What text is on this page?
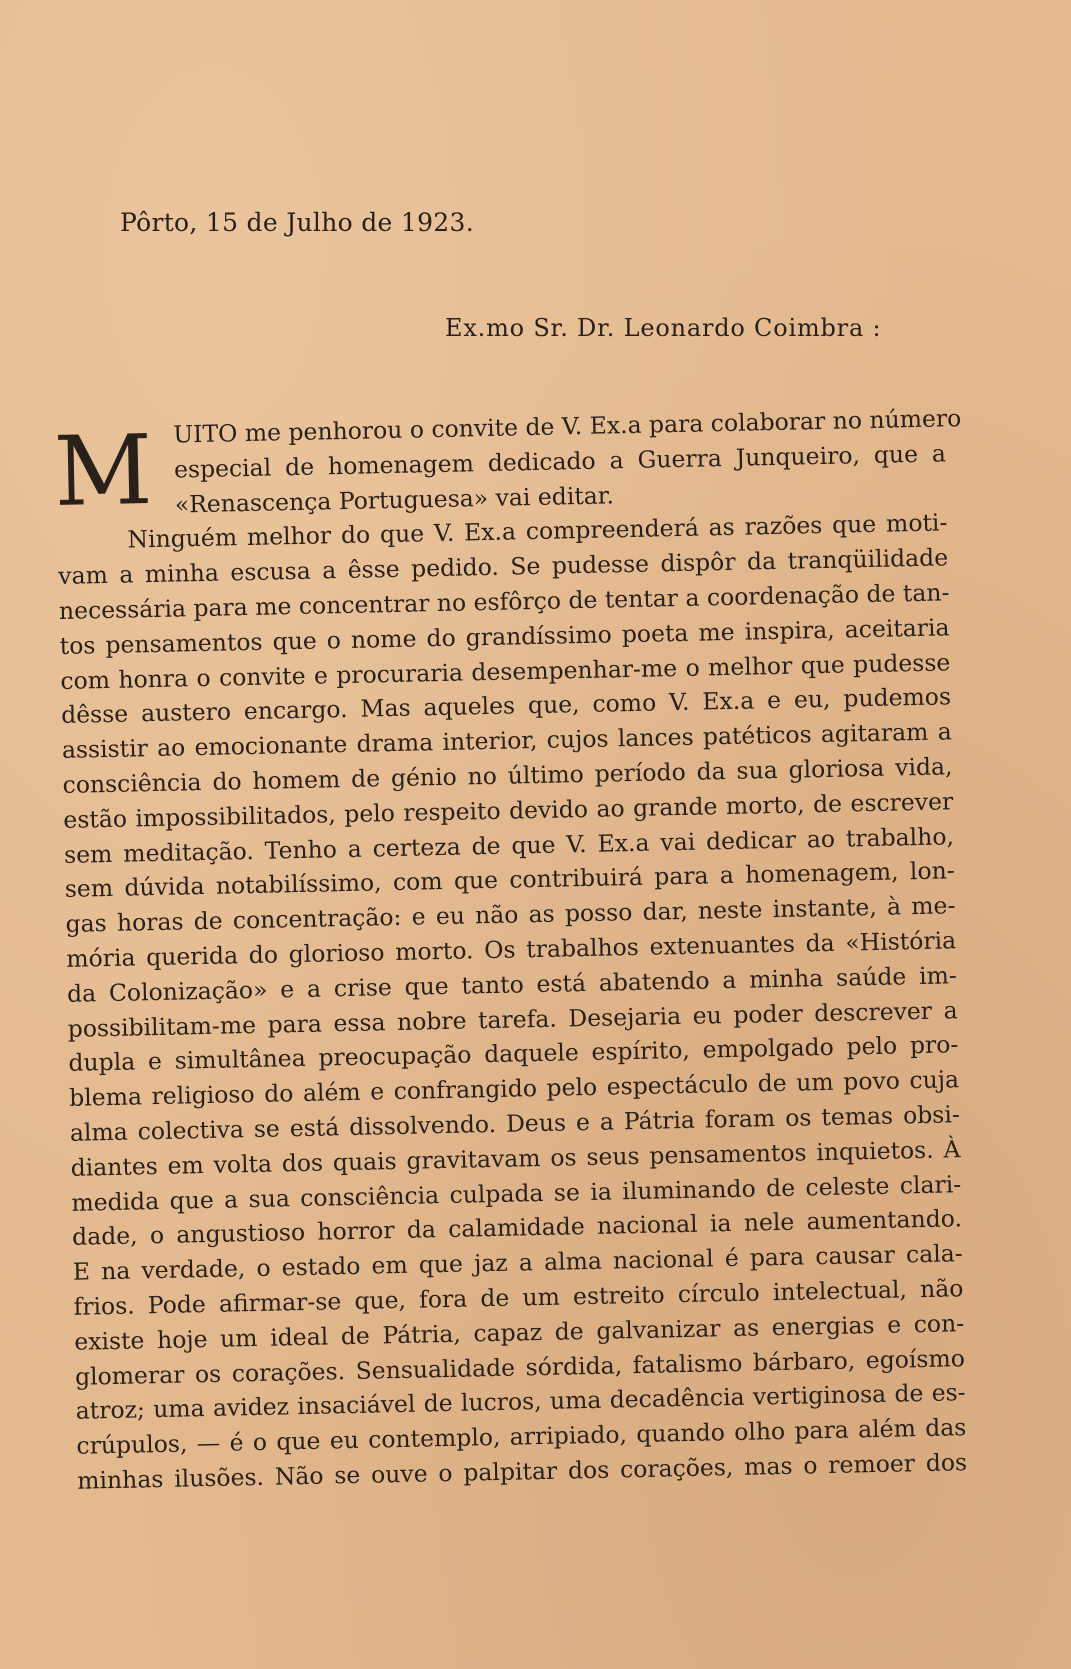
Pôrto, 15 de Julho de 1923.
Ex.mo Sr. Dr. Leonardo Coimbra :
M UITO me penhorou o convite de V. Ex.a para colaborar no número
especial de homenagem dedicado a Guerra Junqueiro, que a
«Renascença Portuguesa» vai editar.
Ninguém melhor do que V. Ex.a compreenderá as razões que moti-
vam a minha escusa a êsse pedido. Se pudesse dispôr da tranqüilidade
necessária para me concentrar no esfôrço de tentar a coordenação de tan-
tos pensamentos que o nome do grandíssimo poeta me inspira, aceitaria
com honra o convite e procuraria desempenhar-me o melhor que pudesse
dêsse austero encargo. Mas aqueles que, como V. Ex.a e eu, pudemos
assistir ao emocionante drama interior, cujos lances patéticos agitaram a
consciência do homem de génio no último período da sua gloriosa vida,
estão impossibilitados, pelo respeito devido ao grande morto, de escrever
sem meditação. Tenho a certeza de que V. Ex.a vai dedicar ao trabalho,
sem dúvida notabilíssimo, com que contribuirá para a homenagem, lon-
gas horas de concentração: e eu não as posso dar, neste instante, à me-
mória querida do glorioso morto. Os trabalhos extenuantes da «História
da Colonização» e a crise que tanto está abatendo a minha saúde im-
possibilitam-me para essa nobre tarefa. Desejaria eu poder descrever a
dupla e simultânea preocupação daquele espírito, empolgado pelo pro-
blema religioso do além e confrangido pelo espectáculo de um povo cuja
alma colectiva se está dissolvendo. Deus e a Pátria foram os temas obsi-
diantes em volta dos quais gravitavam os seus pensamentos inquietos. À
medida que a sua consciência culpada se ia iluminando de celeste clari-
dade, o angustioso horror da calamidade nacional ia nele aumentando.
E na verdade, o estado em que jaz a alma nacional é para causar cala-
frios. Pode afirmar-se que, fora de um estreito círculo intelectual, não
existe hoje um ideal de Pátria, capaz de galvanizar as energias e con-
glomerar os corações. Sensualidade sórdida, fatalismo bárbaro, egoísmo
atroz; uma avidez insaciável de lucros, uma decadência vertiginosa de es-
crúpulos, — é o que eu contemplo, arripiado, quando olho para além das
minhas ilusões. Não se ouve o palpitar dos corações, mas o remoer dos
